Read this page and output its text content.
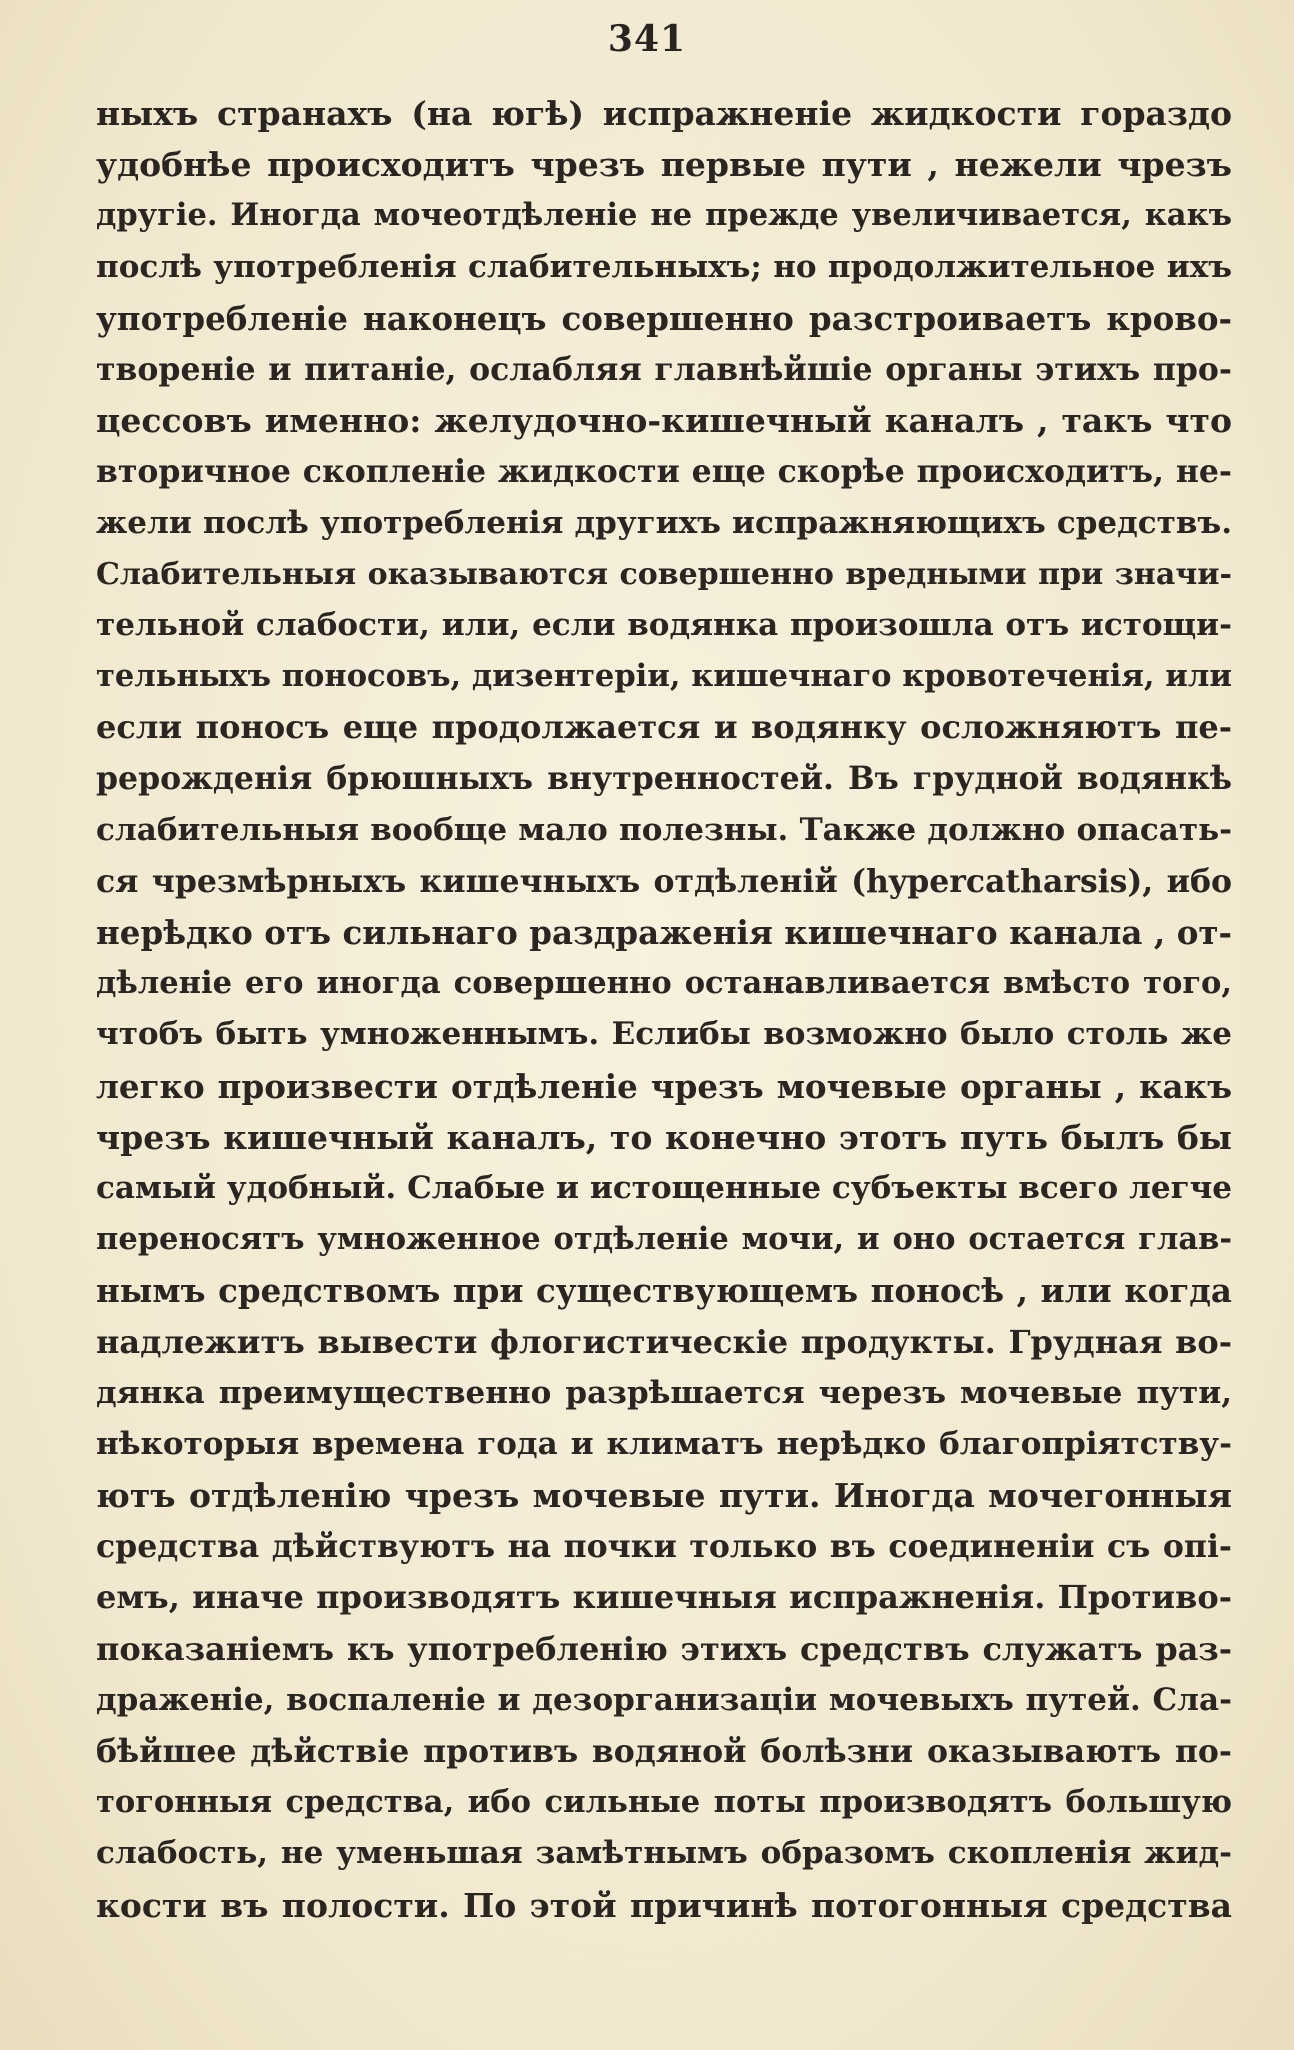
341
ныхъ странахъ (на югѣ) испражненіе жидкости гораздо
удобнѣе происходитъ чрезъ первые пути , нежели чрезъ
другіе. Иногда мочеотдѣленіе не прежде увеличивается, какъ
послѣ употребленія слабительныхъ; но продолжительное ихъ
употребленіе наконецъ совершенно разстроиваетъ крово-
твореніе и питаніе, ослабляя главнѣйшіе органы этихъ про-
цессовъ именно: желудочно-кишечный каналъ , такъ что
вторичное скопленіе жидкости еще скорѣе происходитъ, не-
жели послѣ употребленія другихъ испражняющихъ средствъ.
Слабительныя оказываются совершенно вредными при значи-
тельной слабости, или, если водянка произошла отъ истощи-
тельныхъ поносовъ, дизентеріи, кишечнаго кровотеченія, или
если поносъ еще продолжается и водянку осложняютъ пе-
рерожденія брюшныхъ внутренностей. Въ грудной водянкѣ
слабительныя вообще мало полезны. Также должно опасать-
ся чрезмѣрныхъ кишечныхъ отдѣленій (hypercatharsis), ибо
нерѣдко отъ сильнаго раздраженія кишечнаго канала , от-
дѣленіе его иногда совершенно останавливается вмѣсто того,
чтобъ быть умноженнымъ. Еслибы возможно было столь же
легко произвести отдѣленіе чрезъ мочевые органы , какъ
чрезъ кишечный каналъ, то конечно этотъ путь былъ бы
самый удобный. Слабые и истощенные субъекты всего легче
переносятъ умноженное отдѣленіе мочи, и оно остается глав-
нымъ средствомъ при существующемъ поносѣ , или когда
надлежитъ вывести флогистическіе продукты. Грудная во-
дянка преимущественно разрѣшается черезъ мочевые пути,
нѣкоторыя времена года и климатъ нерѣдко благопріятству-
ютъ отдѣленію чрезъ мочевые пути. Иногда мочегонныя
средства дѣйствуютъ на почки только въ соединеніи съ опі-
емъ, иначе производятъ кишечныя испражненія. Противо-
показаніемъ къ употребленію этихъ средствъ служатъ раз-
драженіе, воспаленіе и дезорганизаціи мочевыхъ путей. Сла-
бѣйшее дѣйствіе противъ водяной болѣзни оказываютъ по-
тогонныя средства, ибо сильные поты производятъ большую
слабость, не уменьшая замѣтнымъ образомъ скопленія жид-
кости въ полости. По этой причинѣ потогонныя средства
